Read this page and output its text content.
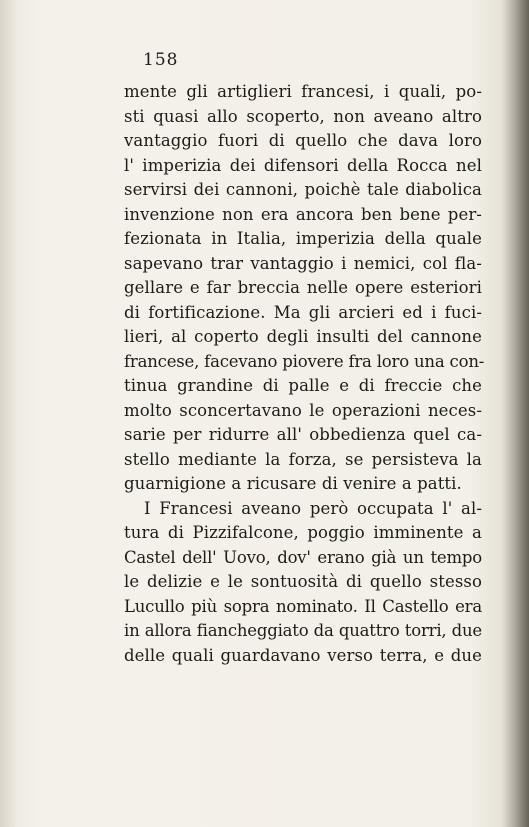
158
mente gli artiglieri francesi, i quali, po-
sti quasi allo scoperto, non aveano altro
vantaggio fuori di quello che dava loro
l' imperizia dei difensori della Rocca nel
servirsi dei cannoni, poichè tale diabolica
invenzione non era ancora ben bene per-
fezionata in Italia, imperizia della quale
sapevano trar vantaggio i nemici, col fla-
gellare e far breccia nelle opere esteriori
di fortificazione. Ma gli arcieri ed i fuci-
lieri, al coperto degli insulti del cannone
francese, facevano piovere fra loro una con-
tinua grandine di palle e di freccie che
molto sconcertavano le operazioni neces-
sarie per ridurre all' obbedienza quel ca-
stello mediante la forza, se persisteva la
guarnigione a ricusare di venire a patti.
I Francesi aveano però occupata l' al-
tura di Pizzifalcone, poggio imminente a
Castel dell' Uovo, dov' erano già un tempo
le delizie e le sontuosità di quello stesso
Lucullo più sopra nominato. Il Castello era
in allora fiancheggiato da quattro torri, due
delle quali guardavano verso terra, e due
